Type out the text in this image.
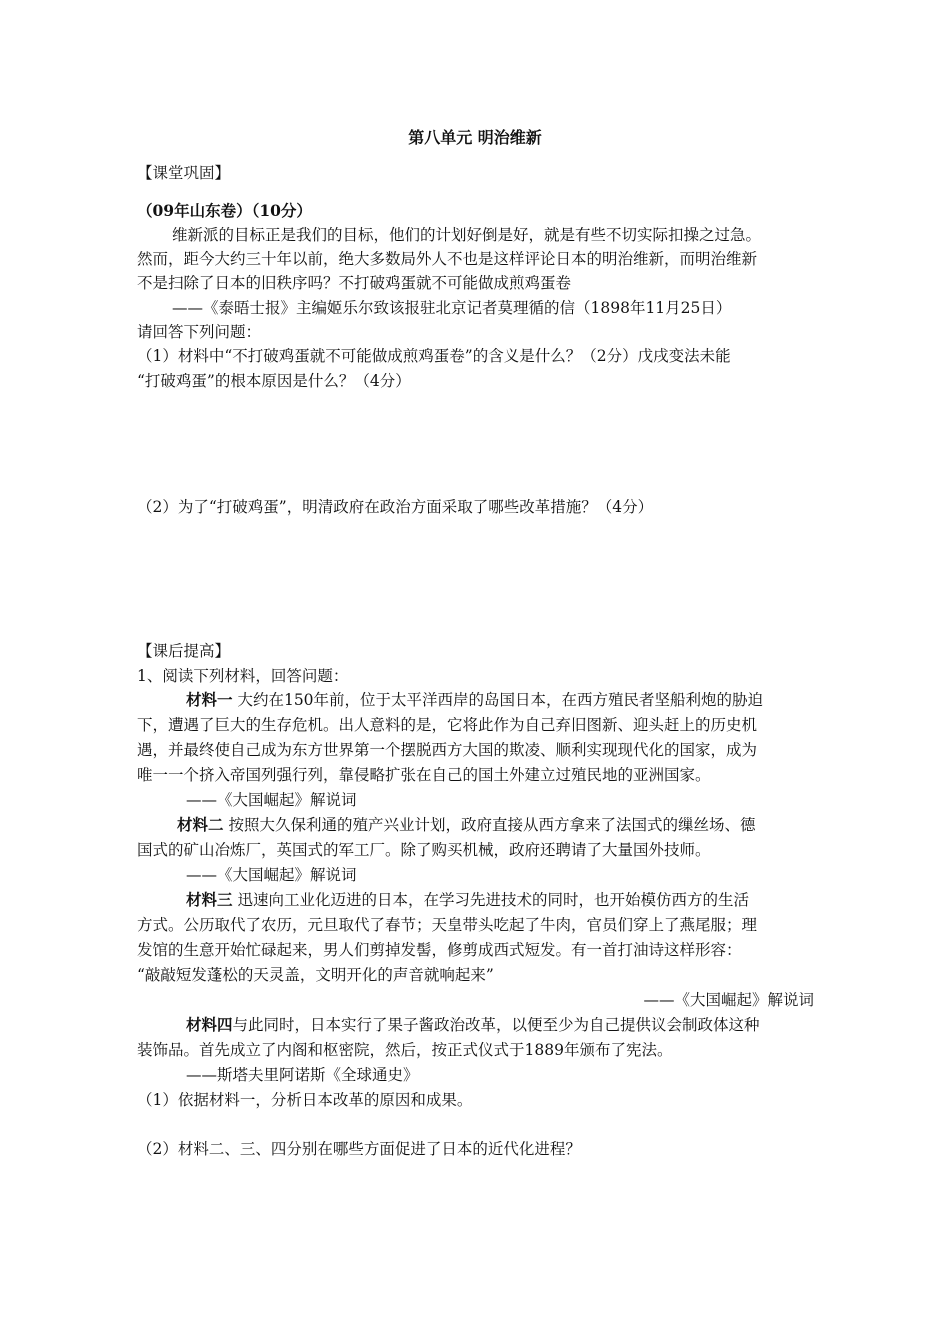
第八单元 明治维新
【课堂巩固】
（09年山东卷）（10分）
维新派的目标正是我们的目标，他们的计划好倒是好，就是有些不切实际扣操之过急。
然而，距今大约三十年以前，绝大多数局外人不也是这样评论日本的明治维新，而明治维新
不是扫除了日本的旧秩序吗？不打破鸡蛋就不可能做成煎鸡蛋卷
——《泰晤士报》主编姬乐尔致该报驻北京记者莫理循的信（1898年11月25日）
请回答下列问题：
（1）材料中“不打破鸡蛋就不可能做成煎鸡蛋卷”的含义是什么？（2分）戊戌变法未能
“打破鸡蛋”的根本原因是什么？（4分）
（2）为了“打破鸡蛋”，明清政府在政治方面采取了哪些改革措施？（4分）
【课后提高】
1、阅读下列材料，回答问题：
材料一 大约在150年前，位于太平洋西岸的岛国日本，在西方殖民者坚船利炮的胁迫
下，遭遇了巨大的生存危机。出人意料的是，它将此作为自己弃旧图新、迎头赶上的历史机
遇，并最终使自己成为东方世界第一个摆脱西方大国的欺凌、顺利实现现代化的国家，成为
唯一一个挤入帝国列强行列，靠侵略扩张在自己的国土外建立过殖民地的亚洲国家。
——《大国崛起》解说词
材料二 按照大久保利通的殖产兴业计划，政府直接从西方拿来了法国式的缫丝场、德
国式的矿山冶炼厂，英国式的军工厂。除了购买机械，政府还聘请了大量国外技师。
——《大国崛起》解说词
材料三 迅速向工业化迈进的日本，在学习先进技术的同时，也开始模仿西方的生活
方式。公历取代了农历，元旦取代了春节；天皇带头吃起了牛肉，官员们穿上了燕尾服；理
发馆的生意开始忙碌起来，男人们剪掉发髻，修剪成西式短发。有一首打油诗这样形容：
“敲敲短发蓬松的天灵盖，文明开化的声音就响起来”
——《大国崛起》解说词
材料四与此同时，日本实行了果子酱政治改革，以便至少为自己提供议会制政体这种
装饰品。首先成立了内阁和枢密院，然后，按正式仪式于1889年颁布了宪法。
——斯塔夫里阿诺斯《全球通史》
（1）依据材料一，分析日本改革的原因和成果。
（2）材料二、三、四分别在哪些方面促进了日本的近代化进程？
